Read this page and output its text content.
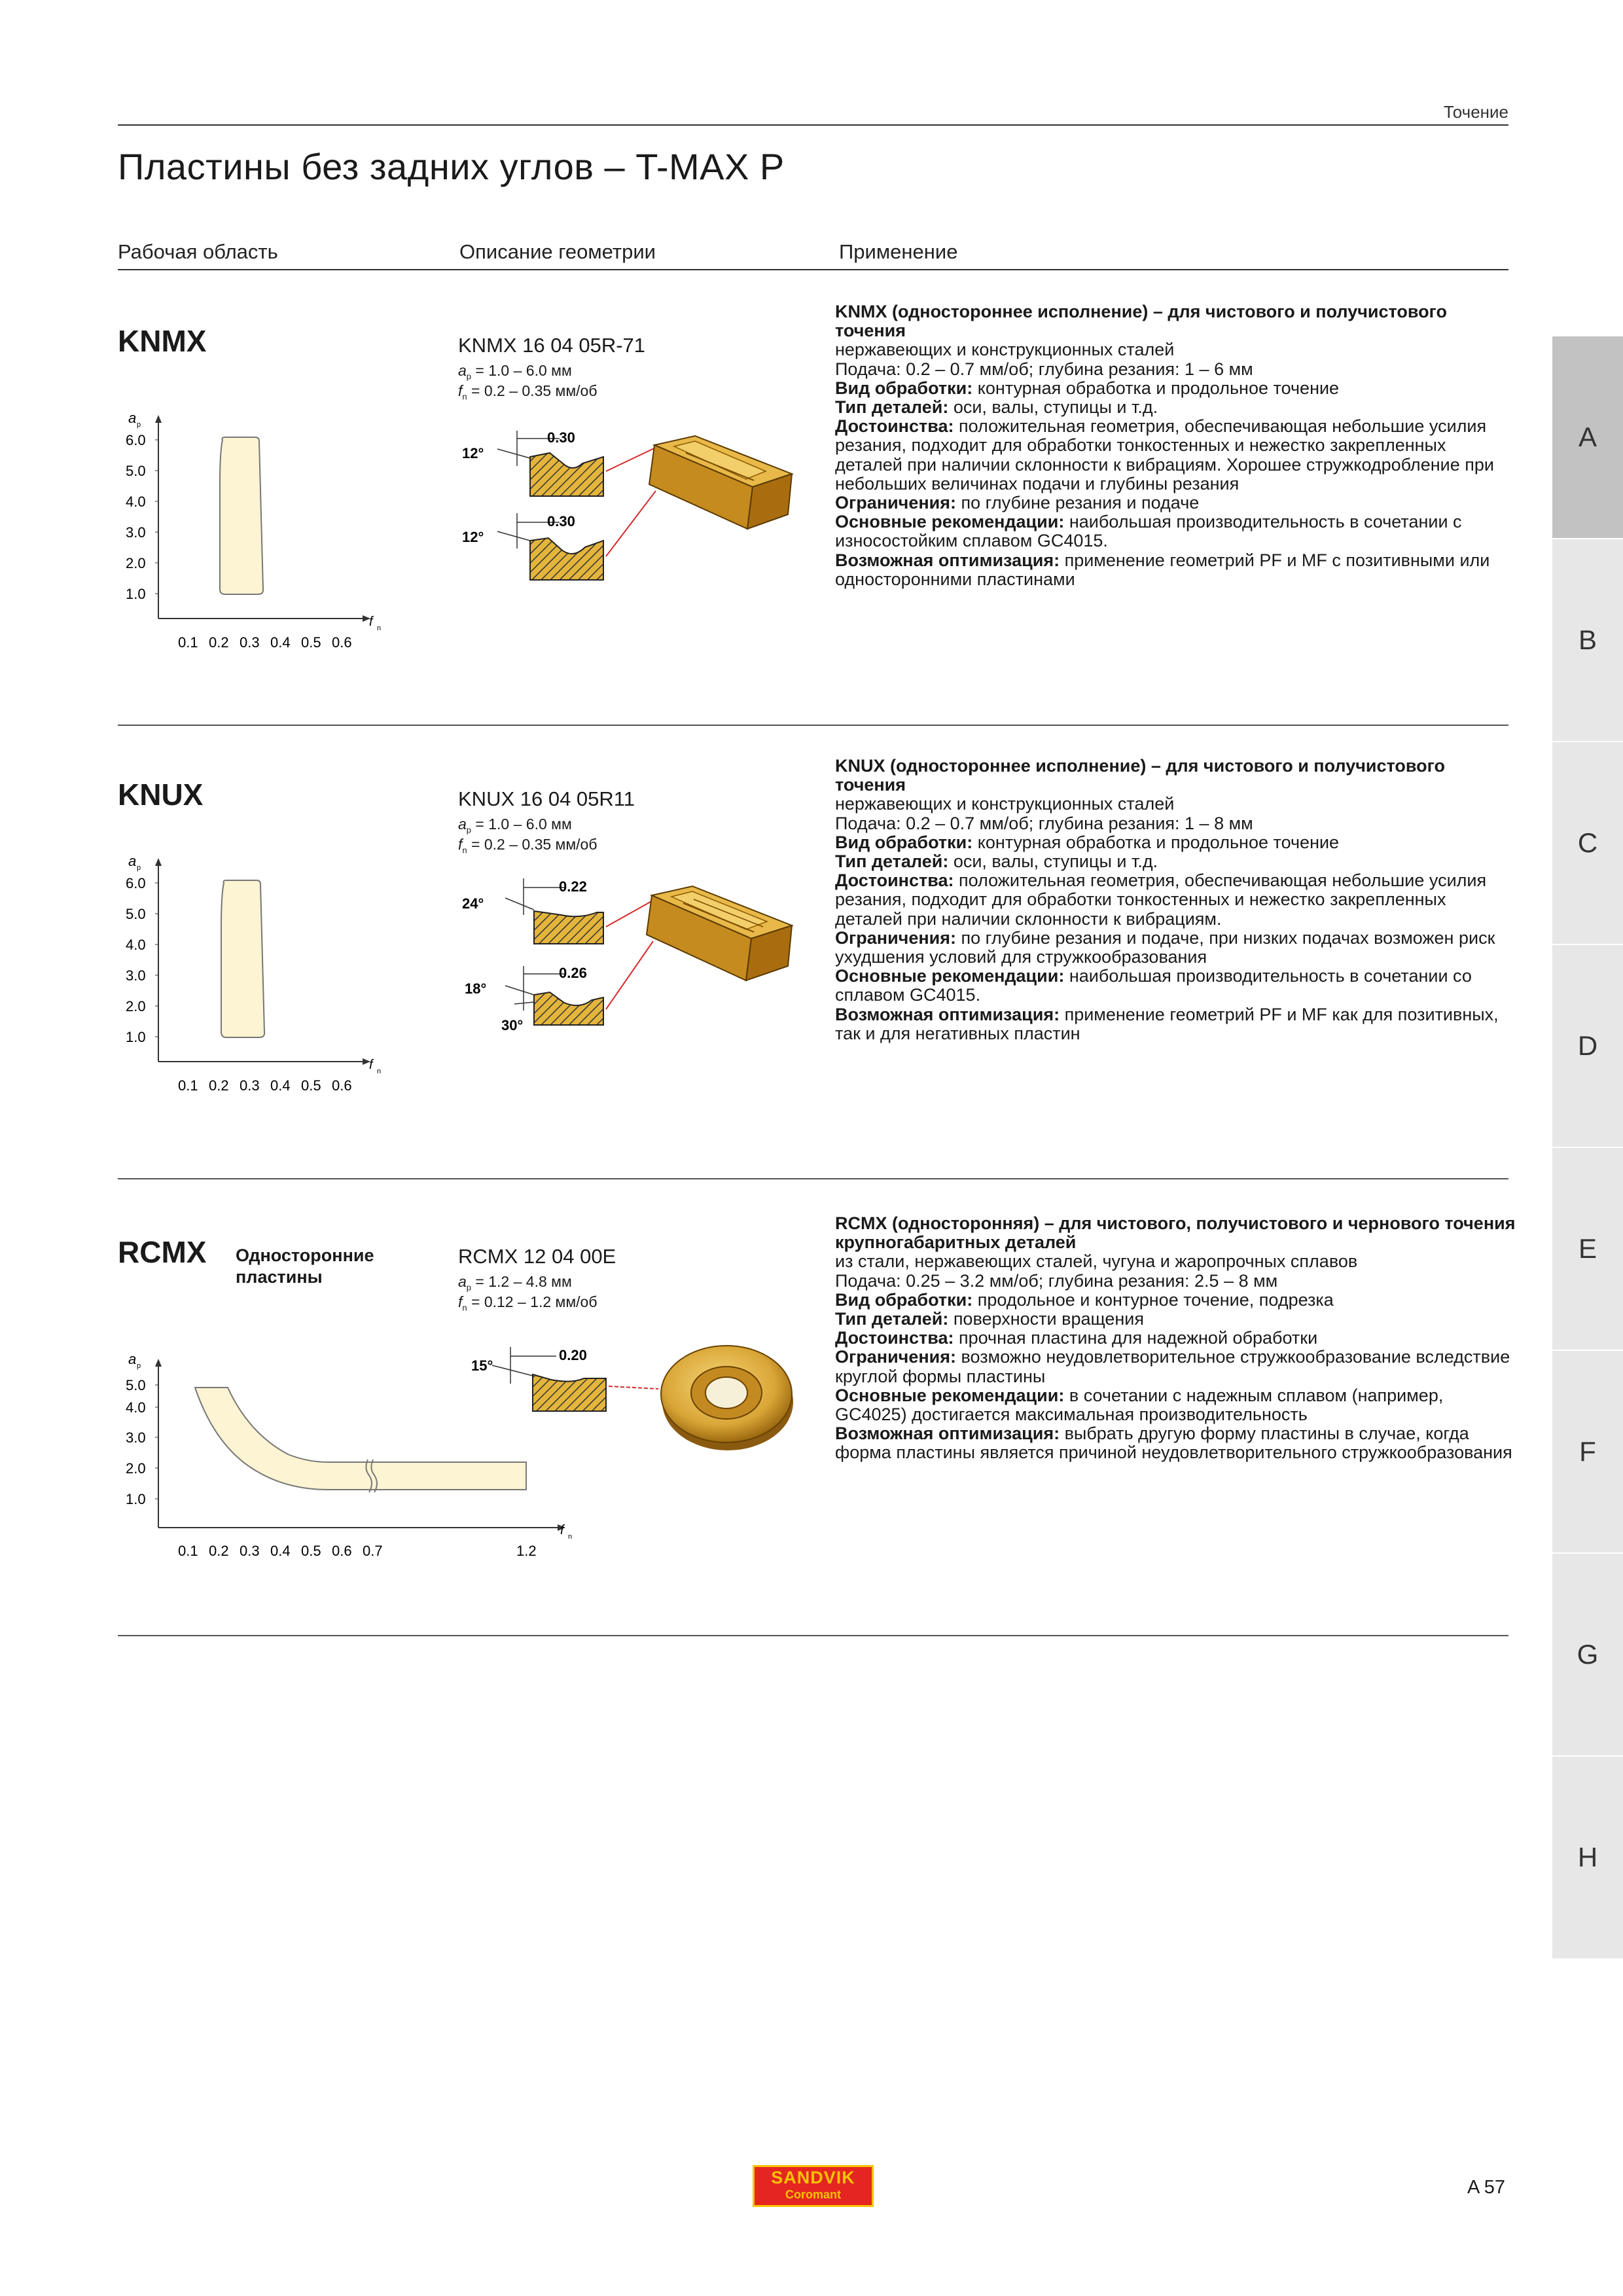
Точение
Пластины без задних углов – T-MAX P
Рабочая область	Описание геометрии	Применение
KNMX
a p
6.0
5.0
4.0
3.0
2.0
1.0
f n
0.1 0.2 0.3 0.4 0.5 0.6
KNMX 16 04 05R-71
$a_p = 1.0 - 6.0$ мм
$f_n = 0.2 - 0.35$ мм/об
0.30
12°
0.30
12°

KNMX (одностороннее исполнение) – для чистового и получистового точения

нержавеющих и конструкционных сталей

Подача: 0.2 – 0.7 мм/об; глубина резания: 1 – 6 мм

Вид обработки: контурная обработка и продольное точение

Тип деталей: оси, валы, ступицы и т.д.

Достоинства: положительная геометрия, обеспечивающая небольшие усилия резания, подходит для обработки тонкостенных и нежестко закрепленных деталей при наличии склонности к вибрациям. Хорошее стружкодробление при небольших величинах подачи и глубины резания

Ограничения: по глубине резания и подаче

Основные рекомендации: наибольшая производительность в сочетании с износостойким сплавом GC4015.

Возможная оптимизация: применение геометрий PF и MF с позитивными или односторонними пластинами

KNUX
a p
6.0
5.0
4.0
3.0
2.0
1.0
f n
0.1 0.2 0.3 0.4 0.5 0.6
KNUX 16 04 05R11
$a_p = 1.0 - 6.0$ мм
$f_n = 0.2 - 0.35$ мм/об
0.22
24°
0.26
18°
30°

KNUX (одностороннее исполнение) – для чистового и получистового точения

нержавеющих и конструкционных сталей

Подача: 0.2 – 0.7 мм/об; глубина резания: 1 – 8 мм

Вид обработки: контурная обработка и продольное точение

Тип деталей: оси, валы, ступицы и т.д.

Достоинства: положительная геометрия, обеспечивающая небольшие усилия резания, подходит для обработки тонкостенных и нежестко закрепленных деталей при наличии склонности к вибрациям.

Ограничения: по глубине резания и подаче, при низких подачах возможен риск ухудшения условий для стружкообразования

Основные рекомендации: наибольшая производительность в сочетании со сплавом GC4015.

Возможная оптимизация: применение геометрий PF и MF как для позитивных, так и для негативных пластин

RCMX Односторонние пластины
a p
5.0
4.0
3.0
2.0
1.0
f n
0.1 0.2 0.3 0.4 0.5 0.6 0.7	1.2
RCMX 12 04 00E
$a_p = 1.2 - 4.8$ мм
$f_n = 0.12 - 1.2$ мм/об
0.20
15°

RCMX (односторонняя) – для чистового, получистового и чернового точения крупногабаритных деталей

из стали, нержавеющих сталей, чугуна и жаропрочных сплавов

Подача: 0.25 – 3.2 мм/об; глубина резания: 2.5 – 8 мм

Вид обработки: продольное и контурное точение, подрезка

Тип деталей: поверхности вращения

Достоинства: прочная пластина для надежной обработки

Ограничения: возможно неудовлетворительное стружкообразование вследствие круглой формы пластины

Основные рекомендации: в сочетании с надежным сплавом (например, GC4025) достигается максимальная производительность

Возможная оптимизация: выбрать другую форму пластины в случае, когда форма пластины является причиной неудовлетворительного стружкообразования

A
B
C
D
E
F
G
H
SANDVIK
Coromant	A 57
